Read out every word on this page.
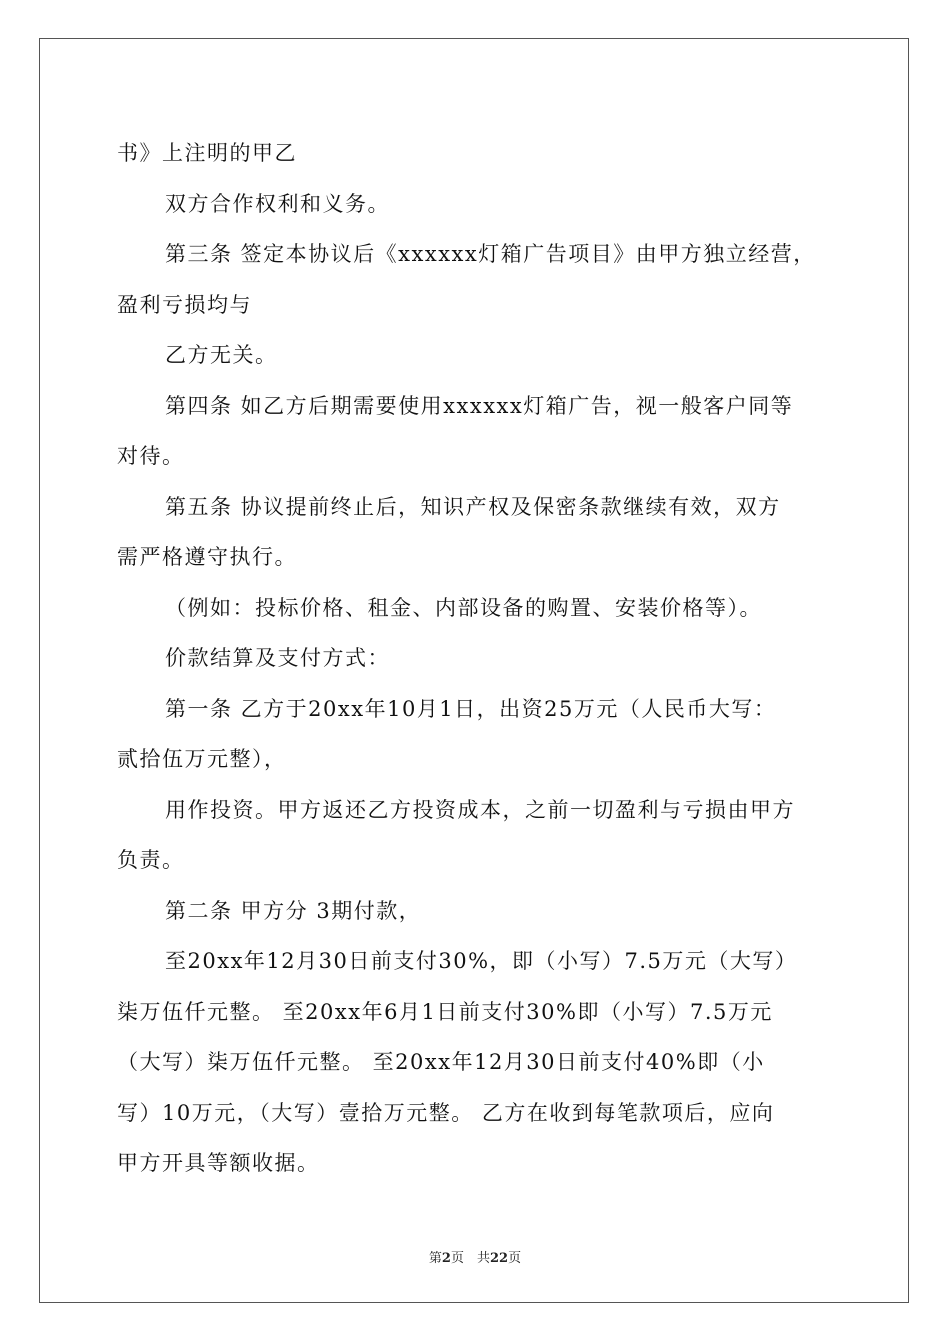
书》上注明的甲乙
双方合作权利和义务。
第三条 签定本协议后《xxxxxx灯箱广告项目》由甲方独立经营，
盈利亏损均与
乙方无关。
第四条 如乙方后期需要使用xxxxxx灯箱广告，视一般客户同等
对待。
第五条 协议提前终止后，知识产权及保密条款继续有效，双方
需严格遵守执行。
（例如：投标价格、租金、内部设备的购置、安装价格等）。
价款结算及支付方式：
第一条 乙方于20xx年10月1日，出资25万元（人民币大写：
贰拾伍万元整），
用作投资。甲方返还乙方投资成本，之前一切盈利与亏损由甲方
负责。
第二条 甲方分 3期付款，
至20xx年12月30日前支付30%，即（小写）7.5万元（大写）
柒万伍仟元整。 至20xx年6月1日前支付30%即（小写）7.5万元
（大写）柒万伍仟元整。 至20xx年12月30日前支付40%即（小
写）10万元，（大写）壹拾万元整。 乙方在收到每笔款项后，应向
甲方开具等额收据。
第2页　共22页
